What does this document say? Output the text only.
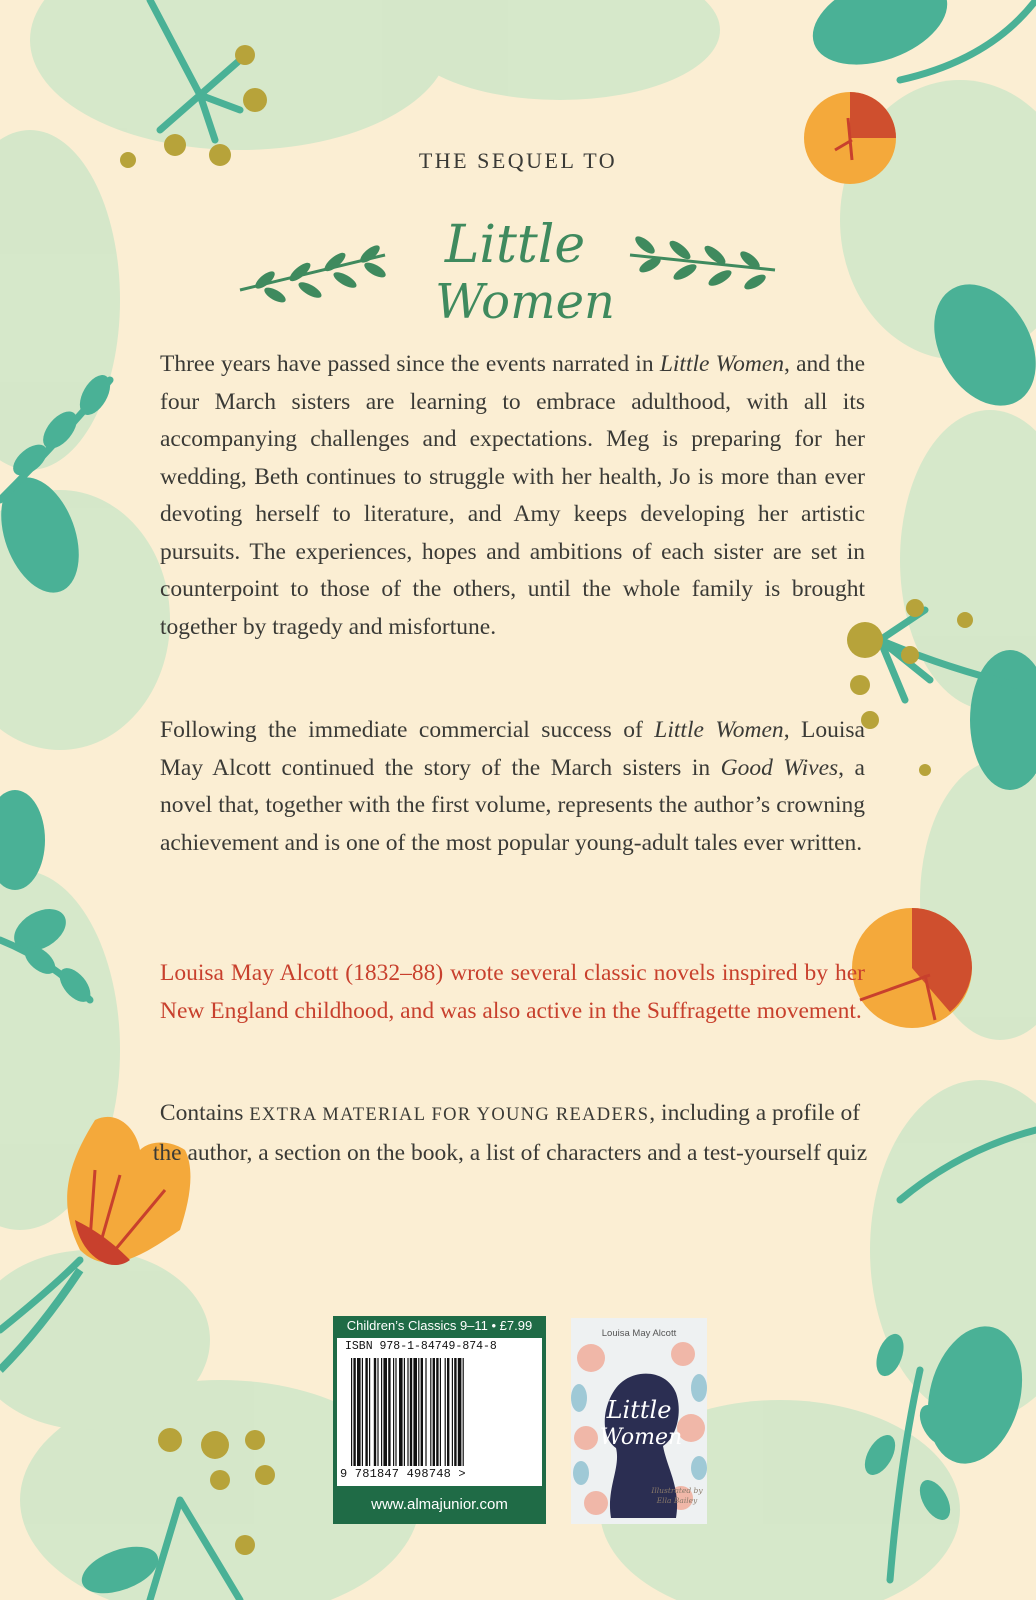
THE SEQUEL TO
Little
Women

Three years have passed since the events narrated in Little Women, and the four March sisters are learning to embrace adulthood, with all its accompanying challenges and expectations. Meg is preparing for her wedding, Beth continues to struggle with her health, Jo is more than ever devoting herself to literature, and Amy keeps developing her artistic pursuits. The experiences, hopes and ambitions of each sister are set in counterpoint to those of the others, until the whole family is brought together by tragedy and misfortune.

Following the immediate commercial success of Little Women, Louisa May Alcott continued the story of the March sisters in Good Wives, a novel that, together with the first volume, represents the author’s crowning achievement and is one of the most popular young-adult tales ever written.

Louisa May Alcott (1832–88) wrote several classic novels inspired by her New England childhood, and was also active in the Suffragette movement.

Contains EXTRA MATERIAL FOR YOUNG READERS, including a profile of the author, a section on the book, a list of characters and a test-yourself quiz

Children’s Classics 9–11 • £7.99
ISBN 978-1-84749-874-8
9 781847 498748 >
www.almajunior.com
Little
Women
Louisa May Alcott
Illustrated by
Ella Bailey
